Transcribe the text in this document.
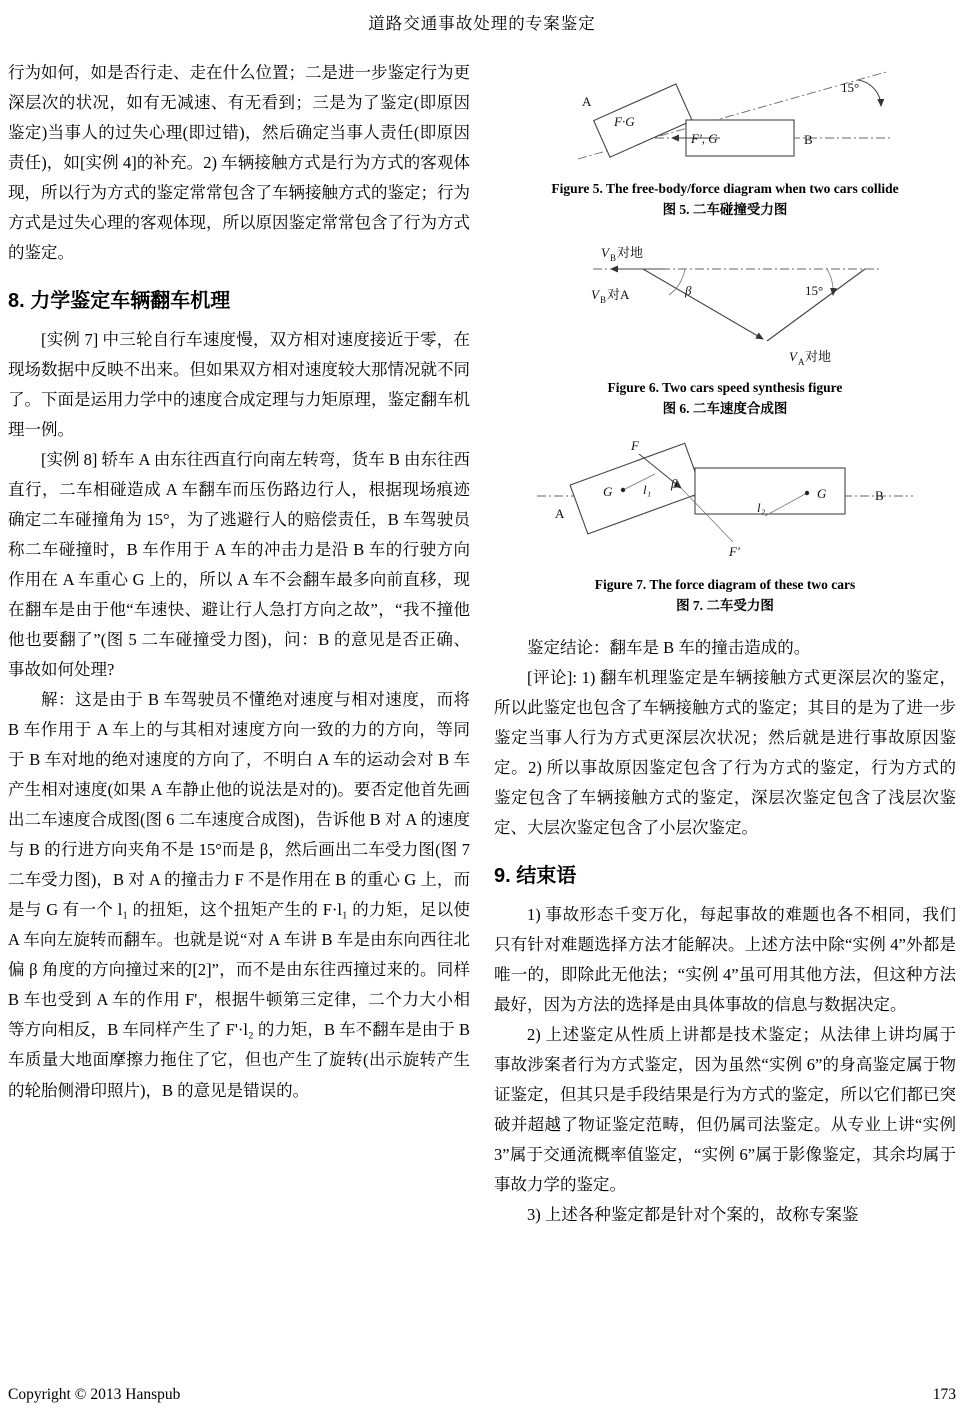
道路交通事故处理的专案鉴定

行为如何，如是否行走、走在什么位置；二是进一步鉴定行为更深层次的状况，如有无减速、有无看到；三是为了鉴定(即原因鉴定)当事人的过失心理(即过错)，然后确定当事人责任(即原因责任)，如[实例 4]的补充。2) 车辆接触方式是行为方式的客观体现，所以行为方式的鉴定常常包含了车辆接触方式的鉴定；行为方式是过失心理的客观体现，所以原因鉴定常常包含了行为方式的鉴定。

8. 力学鉴定车辆翻车机理

[实例 7] 中三轮自行车速度慢，双方相对速度接近于零，在现场数据中反映不出来。但如果双方相对速度较大那情况就不同了。下面是运用力学中的速度合成定理与力矩原理，鉴定翻车机理一例。

[实例 8] 轿车 A 由东往西直行向南左转弯，货车 B 由东往西直行，二车相碰造成 A 车翻车而压伤路边行人，根据现场痕迹确定二车碰撞角为 15°，为了逃避行人的赔偿责任，B 车驾驶员称二车碰撞时，B 车作用于 A 车的冲击力是沿 B 车的行驶方向作用在 A 车重心 G 上的，所以 A 车不会翻车最多向前直移，现在翻车是由于他“车速快、避让行人急打方向之故”，“我不撞他他也要翻了”(图 5 二车碰撞受力图)，问：B 的意见是否正确、事故如何处理?

解：这是由于 B 车驾驶员不懂绝对速度与相对速度，而将 B 车作用于 A 车上的与其相对速度方向一致的力的方向，等同于 B 车对地的绝对速度的方向了，不明白 A 车的运动会对 B 车产生相对速度(如果 A 车静止他的说法是对的)。要否定他首先画出二车速度合成图(图 6 二车速度合成图)，告诉他 B 对 A 的速度与 B 的行进方向夹角不是 15°而是 β，然后画出二车受力图(图 7 二车受力图)，B 对 A 的撞击力 F 不是作用在 B 的重心 G 上，而是与 G 有一个 l₁ 的扭矩，这个扭矩产生的 F·l₁ 的力矩，足以使 A 车向左旋转而翻车。也就是说“对 A 车讲 B 车是由东向西往北偏 β 角度的方向撞过来的[2]”，而不是由东往西撞过来的。同样 B 车也受到 A 车的作用 F'，根据牛顿第三定律，二个力大小相等方向相反，B 车同样产生了 F'·l₂ 的力矩，B 车不翻车是由于 B 车质量大地面摩擦力拖住了它，但也产生了旋转(出示旋转产生的轮胎侧滑印照片)，B 的意见是错误的。

F·G
F', G
A
B
15°
Figure 5. The free-body/force diagram when two cars collide
图 5. 二车碰撞受力图
V B 对地
V B 对A	β	15°
V A 对地
Figure 6. Two cars speed synthesis figure
图 6. 二车速度合成图
F
G l₁ β
l₂
G
A
B
F'
Figure 7. The force diagram of these two cars
图 7. 二车受力图

鉴定结论：翻车是 B 车的撞击造成的。

[评论]: 1) 翻车机理鉴定是车辆接触方式更深层次的鉴定，所以此鉴定也包含了车辆接触方式的鉴定；其目的是为了进一步鉴定当事人行为方式更深层次状况；然后就是进行事故原因鉴定。2) 所以事故原因鉴定包含了行为方式的鉴定，行为方式的鉴定包含了车辆接触方式的鉴定，深层次鉴定包含了浅层次鉴定、大层次鉴定包含了小层次鉴定。

9. 结束语

1) 事故形态千变万化，每起事故的难题也各不相同，我们只有针对难题选择方法才能解决。上述方法中除“实例 4”外都是唯一的，即除此无他法；“实例 4”虽可用其他方法，但这种方法最好，因为方法的选择是由具体事故的信息与数据决定。

2) 上述鉴定从性质上讲都是技术鉴定；从法律上讲均属于事故涉案者行为方式鉴定，因为虽然“实例 6”的身高鉴定属于物证鉴定，但其只是手段结果是行为方式的鉴定，所以它们都已突破并超越了物证鉴定范畴，但仍属司法鉴定。从专业上讲“实例 3”属于交通流概率值鉴定，“实例 6”属于影像鉴定，其余均属于事故力学的鉴定。

3) 上述各种鉴定都是针对个案的，故称专案鉴

Copyright © 2013 Hanspub	173
